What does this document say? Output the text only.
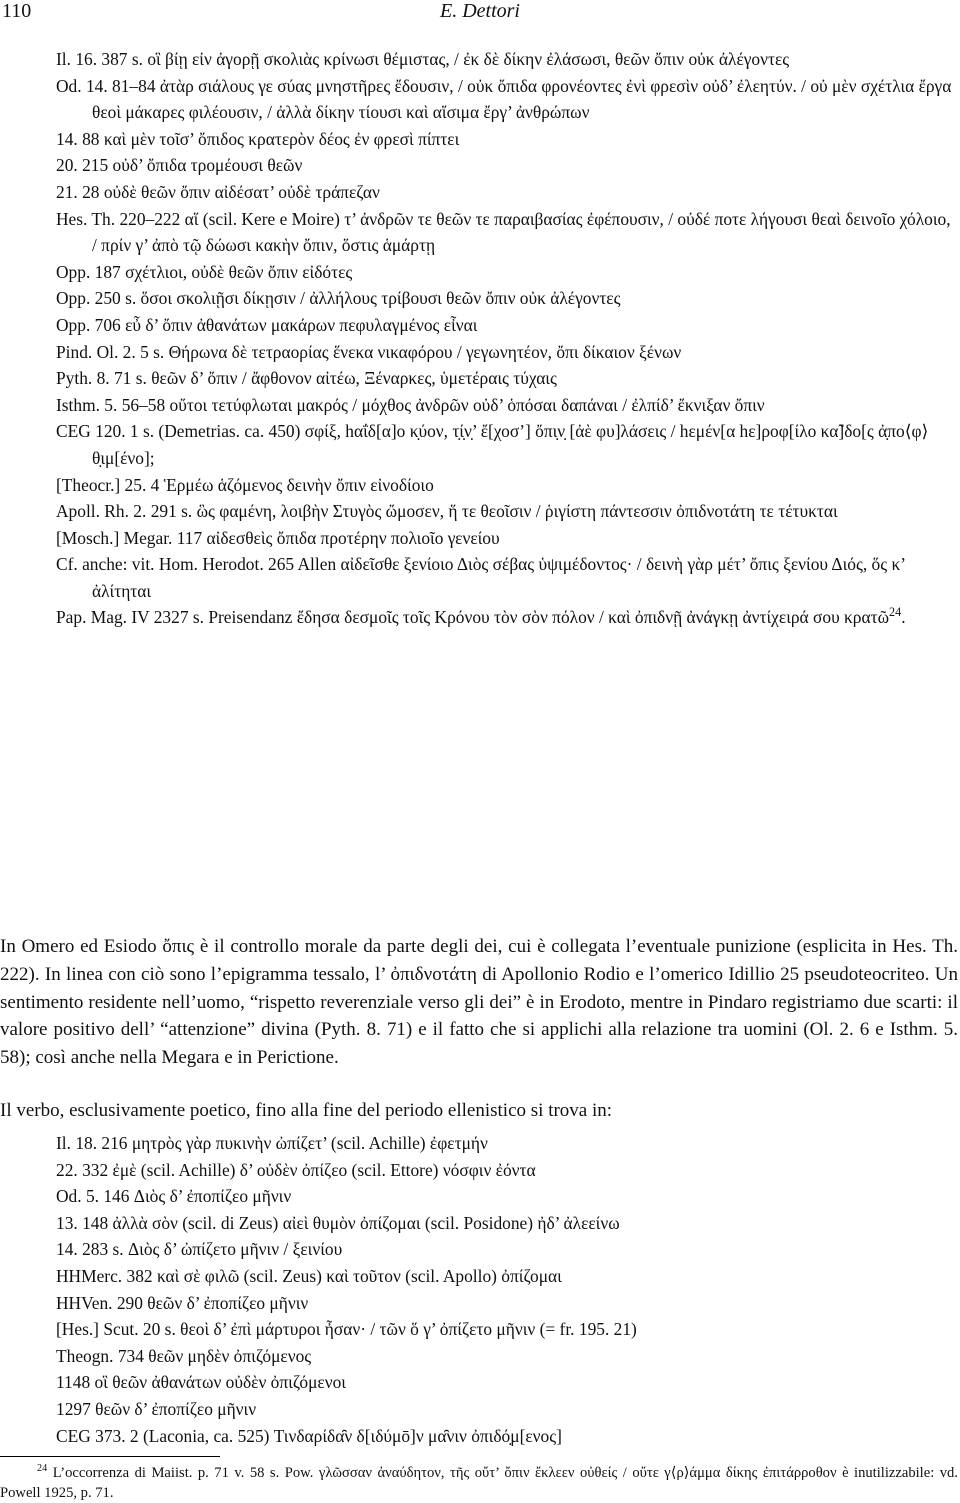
110	E. Dettori

Il. 16. 387 s. οἳ βίῃ εἰν ἀγορῇ σκολιὰς κρίνωσι θέμιστας, / ἐκ δὲ δίκην ἐλάσωσι, θεῶν ὄπιν οὐκ ἀλέγοντες

Od. 14. 81–84 ἀτὰρ σιάλους γε σύας μνηστῆρες ἔδουσιν, / οὐκ ὄπιδα φρονέοντες ἐνὶ φρεσὶν οὐδ’ ἐλεητύν. / οὐ μὲν σχέτλια ἔργα θεοὶ μάκαρες φιλέουσιν, / ἀλλὰ δίκην τίουσι καὶ αἴσιμα ἔργ’ ἀνθρώπων

14. 88 καὶ μὲν τοῖσ’ ὄπιδος κρατερὸν δέος ἐν φρεσὶ πίπτει

20. 215 οὐδ’ ὄπιδα τρομέουσι θεῶν

21. 28 οὐδὲ θεῶν ὄπιν αἰδέσατ’ οὐδὲ τράπεζαν

Hes. Th. 220–222 αἵ (scil. Kere e Moire) τ’ ἀνδρῶν τε θεῶν τε παραιβασίας ἐφέπουσιν, / οὐδέ ποτε λήγουσι θεαὶ δεινοῖο χόλοιο, / πρίν γ’ ἀπὸ τῷ δώωσι κακὴν ὄπιν, ὅστις ἁμάρτῃ

Opp. 187 σχέτλιοι, οὐδὲ θεῶν ὄπιν εἰδότες

Opp. 250 s. ὅσοι σκολιῇσι δίκῃσιν / ἀλλήλους τρίβουσι θεῶν ὄπιν οὐκ ἀλέγοντες

Opp. 706 εὖ δ’ ὄπιν ἀθανάτων μακάρων πεφυλαγμένος εἶναι

Pind. Ol. 2. 5 s. Θήρωνα δὲ τετραορίας ἕνεκα νικαφόρου / γεγωνητέον, ὄπι δίκαιον ξένων

Pyth. 8. 71 s. θεῶν δ’ ὄπιν / ἄφθονον αἰτέω, Ξέναρκες, ὑμετέραις τύχαις

Isthm. 5. 56–58 οὔτοι τετύφλωται μακρός / μόχθος ἀνδρῶν οὐδ’ ὁπόσαι δαπάναι / ἐλπίδ’ ἔκνιξαν ὄπιν

CEG 120. 1 s. (Demetrias. ca. 450) σφίξ, hαΐδ[α]ο κ̣ύον, τ̣ί̣ν̣’ ἔ[χοσ’] ὄπι̣ν̣ [ἀὲ φυ]λάσεις / hεμέν[α hε]ροφ[ίλο κα̃]δο[ς ἀ̣πο⟨φ⟩θ̣ιμ[ένο];

[Theocr.] 25. 4 Ἑρμέω ἁζόμενος δεινὴν ὄπιν εἰνοδίοιο

Apoll. Rh. 2. 291 s. ὣς φαμένη, λοιβὴν Στυγὸς ὤμοσεν, ἥ τε θεοῖσιν / ῥιγίστη πάντεσσιν ὀπιδνοτάτη τε τέτυκται

[Mosch.] Megar. 117 αἰδεσθεὶς ὄπιδα προτέρην πολιοῖο γενείου

Cf. anche: vit. Hom. Herodot. 265 Allen αἰδεῖσθε ξενίοιο Διὸς σέβας ὑψιμέδοντος· / δεινὴ γὰρ μέτ’ ὄπις ξενίου Διός, ὅς κ’ ἀλίτηται

Pap. Mag. IV 2327 s. Preisendanz ἔδησα δεσμοῖς τοῖς Κρόνου τὸν σὸν πόλον / καὶ ὀπιδνῇ ἀνάγκῃ ἀντίχειρά σου κρατῶ$^{24}$.

In Omero ed Esiodo ὄπις è il controllo morale da parte degli dei, cui è collegata l’eventuale punizione (esplicita in Hes. Th. 222). In linea con ciò sono l’epigramma tessalo, l’ ὀπιδνοτάτη di Apollonio Rodio e l’omerico Idillio 25 pseudoteocriteo. Un sentimento residente nell’uomo, “rispetto reverenziale verso gli dei” è in Erodoto, mentre in Pindaro registriamo due scarti: il valore positivo dell’ “attenzione” divina (Pyth. 8. 71) e il fatto che si applichi alla relazione tra uomini (Ol. 2. 6 e Isthm. 5. 58); così anche nella Megara e in Perictione.

Il verbo, esclusivamente poetico, fino alla fine del periodo ellenistico si trova in:

Il. 18. 216 μητρὸς γὰρ πυκινὴν ὠπίζετ’ (scil. Achille) ἐφετμήν

22. 332 ἐμὲ (scil. Achille) δ’ οὐδὲν ὀπίζεο (scil. Ettore) νόσφιν ἐόντα

Od. 5. 146 Διὸς δ’ ἐποπίζεο μῆνιν

13. 148 ἀλλὰ σὸν (scil. di Zeus) αἰεὶ θυμὸν ὀπίζομαι (scil. Posidone) ἠδ’ ἀλεείνω

14. 283 s. Διὸς δ’ ὠπίζετο μῆνιν / ξεινίου

HHMerc. 382 καὶ σὲ φιλῶ (scil. Zeus) καὶ τοῦτον (scil. Apollo) ὀπίζομαι

HHVen. 290 θεῶν δ’ ἐποπίζεο μῆνιν

[Hes.] Scut. 20 s. θεοὶ δ’ ἐπὶ μάρτυροι ἦσαν· / τῶν ὅ γ’ ὀπίζετο μῆνιν (= fr. 195. 21)

Theogn. 734 θεῶν μηδὲν ὀπιζόμενος

1148 οἳ θεῶν ἀθανάτων οὐδὲν ὀπιζόμενοι

1297 θεῶν δ’ ἐποπίζεο μῆνιν

CEG 373. 2 (Laconia, ca. 525) Τινδαρίδα̑ν δ[ιδύμō]ν μα̑νιν ὀπιδό̣μ[ενος]

$^{24}$ L’occorrenza di Maiist. p. 71 v. 58 s. Pow. γλῶσσαν ἀναύδητον, τῆς οὔτ’ ὄπιν ἔκλεεν οὐθείς / οὔτε γ⟨ρ⟩άμμα δίκης ἐπιτάρροθον è inutilizzabile: vd. Powell 1925, p. 71.
